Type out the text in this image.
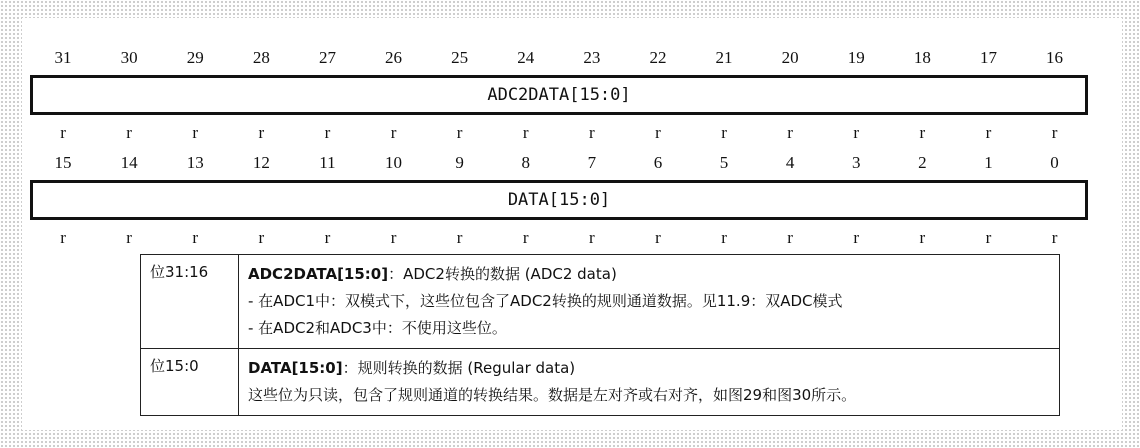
31	30	29	28	27	26	25	24	23	22	21	20	19	18	17	16
ADC2DATA[15:0]
r	r	r	r	r	r	r	r	r	r	r	r	r	r	r	r
15	14	13	12	11	10	9	8	7	6	5	4	3	2	1	0
DATA[15:0]
r	r	r	r	r	r	r	r	r	r	r	r	r	r	r	r
位31:16	ADC2DATA[15:0]：ADC2转换的数据 (ADC2 data)
- 在ADC1中：双模式下，这些位包含了ADC2转换的规则通道数据。见11.9：双ADC模式
- 在ADC2和ADC3中：不使用这些位。

位15:0	DATA[15:0]：规则转换的数据 (Regular data)
这些位为只读，包含了规则通道的转换结果。数据是左对齐或右对齐，如图29和图30所示。
